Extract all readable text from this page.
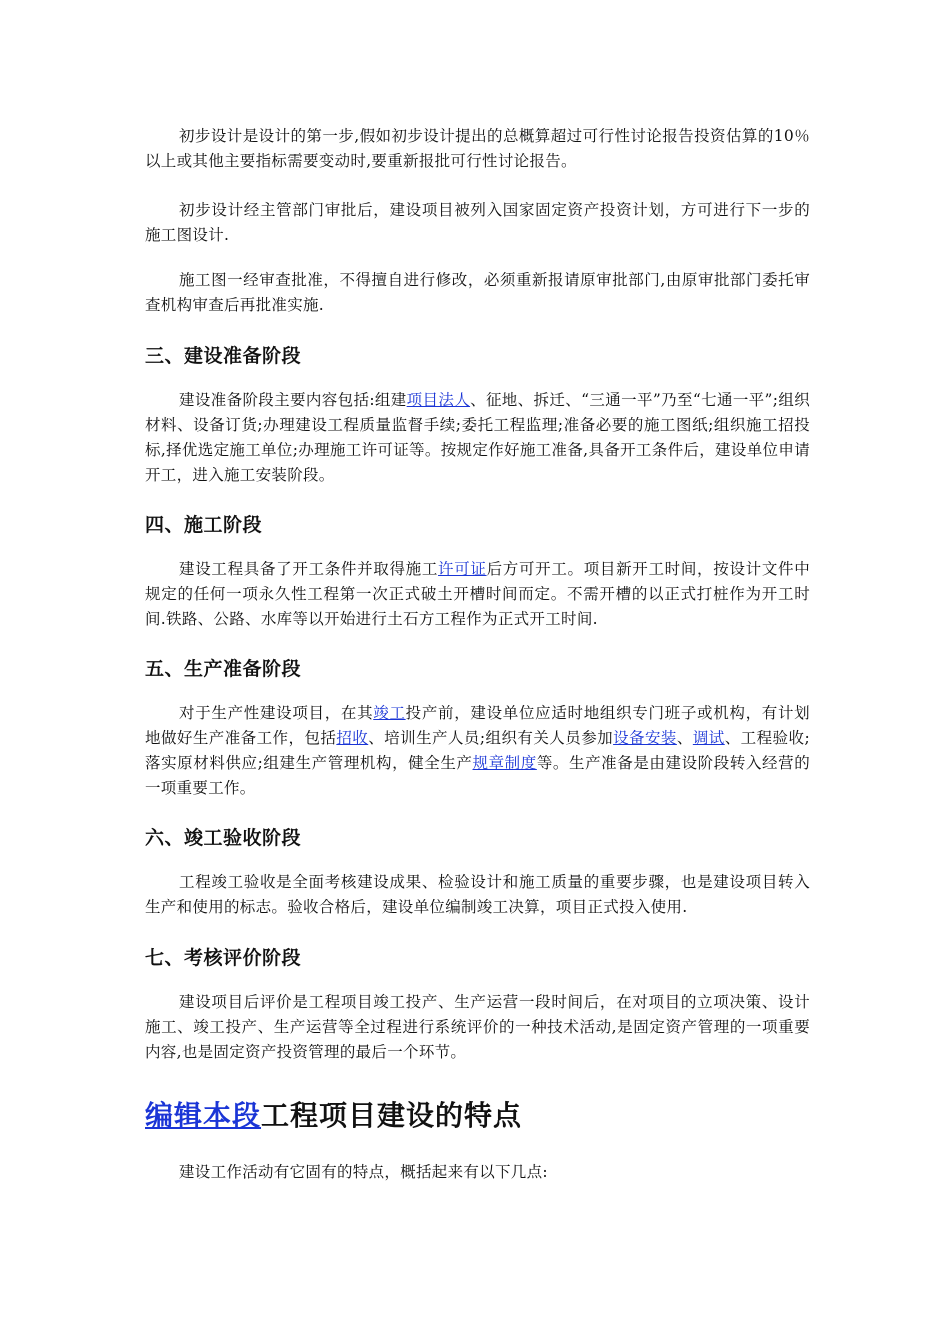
初步设计是设计的第一步,假如初步设计提出的总概算超过可行性讨论报告投资估算的10％以上或其他主要指标需要变动时,要重新报批可行性讨论报告。

初步设计经主管部门审批后，建设项目被列入国家固定资产投资计划，方可进行下一步的施工图设计.

施工图一经审查批准，不得擅自进行修改，必须重新报请原审批部门,由原审批部门委托审查机构审查后再批准实施.

三、建设准备阶段

建设准备阶段主要内容包括:组建项目法人、征地、拆迁、“三通一平”乃至“七通一平”;组织材料、设备订货;办理建设工程质量监督手续;委托工程监理;准备必要的施工图纸;组织施工招投标,择优选定施工单位;办理施工许可证等。按规定作好施工准备,具备开工条件后，建设单位申请开工，进入施工安装阶段。

四、施工阶段

建设工程具备了开工条件并取得施工许可证后方可开工。项目新开工时间，按设计文件中规定的任何一项永久性工程第一次正式破土开槽时间而定。不需开槽的以正式打桩作为开工时间.铁路、公路、水库等以开始进行土石方工程作为正式开工时间.

五、生产准备阶段

对于生产性建设项目，在其竣工投产前，建设单位应适时地组织专门班子或机构，有计划地做好生产准备工作，包括招收、培训生产人员;组织有关人员参加设备安装、调试、工程验收;落实原材料供应;组建生产管理机构，健全生产规章制度等。生产准备是由建设阶段转入经营的一项重要工作。

六、竣工验收阶段

工程竣工验收是全面考核建设成果、检验设计和施工质量的重要步骤，也是建设项目转入生产和使用的标志。验收合格后，建设单位编制竣工决算，项目正式投入使用.

七、考核评价阶段

建设项目后评价是工程项目竣工投产、生产运营一段时间后，在对项目的立项决策、设计施工、竣工投产、生产运营等全过程进行系统评价的一种技术活动,是固定资产管理的一项重要内容,也是固定资产投资管理的最后一个环节。

编辑本段工程项目建设的特点

建设工作活动有它固有的特点，概括起来有以下几点:
